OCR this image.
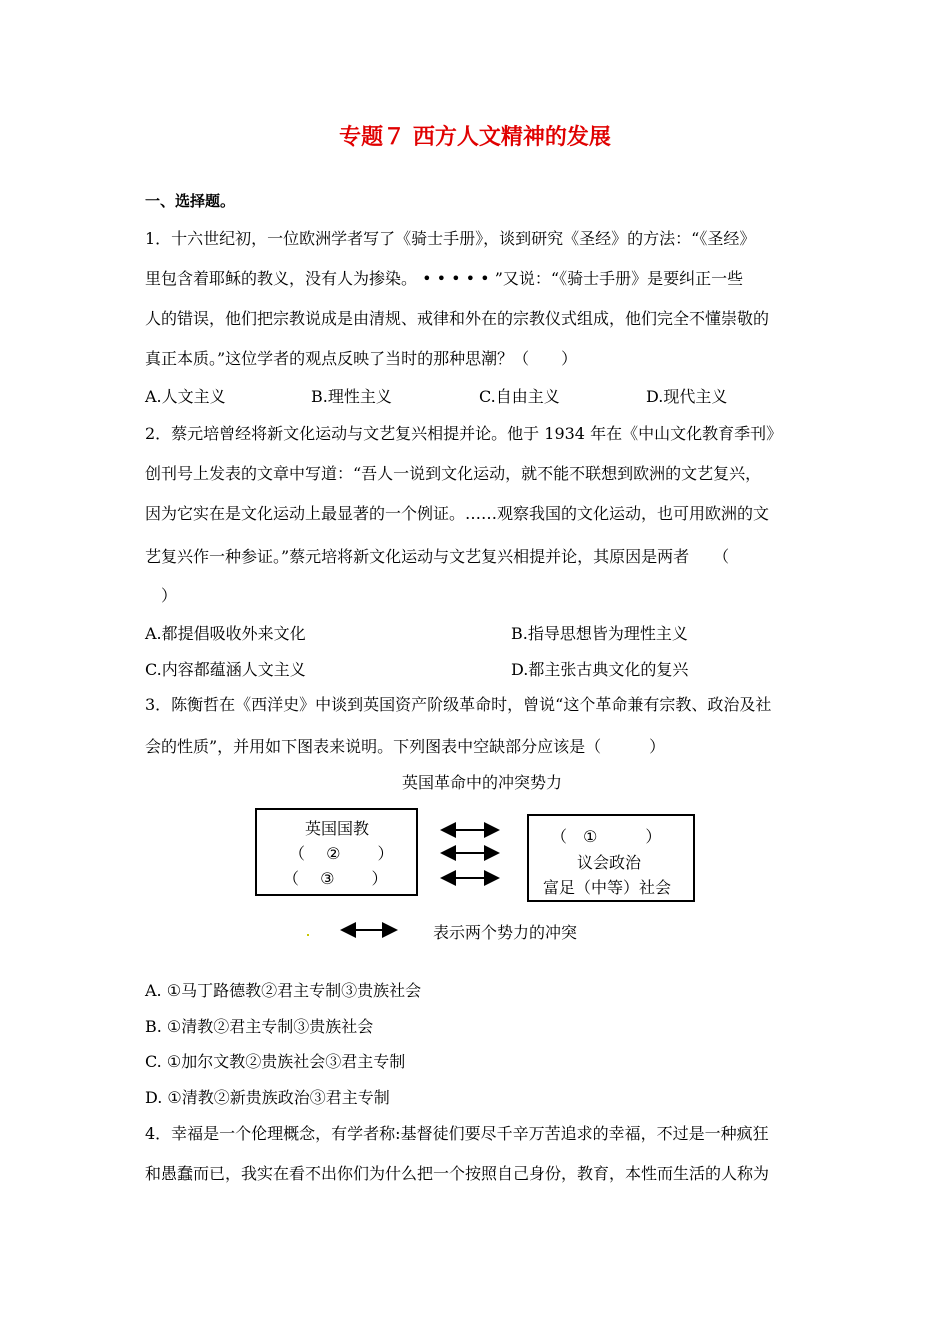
专题７ 西方人文精神的发展
一、选择题。
1．十六世纪初，一位欧洲学者写了《骑士手册》，谈到研究《圣经》的方法：“《圣经》
里包含着耶稣的教义，没有人为掺染。 • • • • • ”又说：“《骑士手册》是要纠正一些
人的错误，他们把宗教说成是由清规、戒律和外在的宗教仪式组成，他们完全不懂崇敬的
真正本质。”这位学者的观点反映了当时的那种思潮？（　　）
A.人文主义	B.理性主义	C.自由主义	D.现代主义
2．蔡元培曾经将新文化运动与文艺复兴相提并论。他于 1934 年在《中山文化教育季刊》
创刊号上发表的文章中写道：“吾人一说到文化运动，就不能不联想到欧洲的文艺复兴，
因为它实在是文化运动上最显著的一个例证。……观察我国的文化运动，也可用欧洲的文
艺复兴作一种参证。”蔡元培将新文化运动与文艺复兴相提并论，其原因是两者　　（
　）
A.都提倡吸收外来文化	B.指导思想皆为理性主义
C.内容都蕴涵人文主义	D.都主张古典文化的复兴
3．陈衡哲在《西洋史》中谈到英国资产阶级革命时，曾说“这个革命兼有宗教、政治及社
会的性质”，并用如下图表来说明。下列图表中空缺部分应该是（　　　）
英国革命中的冲突势力
英国国教
（　 ②　 　）
（　 ③　 　）
（　①　　　）
议会政治
富足（中等）社会
表示两个势力的冲突
A. ①马丁路德教②君主专制③贵族社会
B. ①清教②君主专制③贵族社会
C. ①加尔文教②贵族社会③君主专制
D. ①清教②新贵族政治③君主专制
4．幸福是一个伦理概念，有学者称:基督徒们要尽千辛万苦追求的幸福，不过是一种疯狂
和愚蠢而已，我实在看不出你们为什么把一个按照自己身份，教育，本性而生活的人称为
